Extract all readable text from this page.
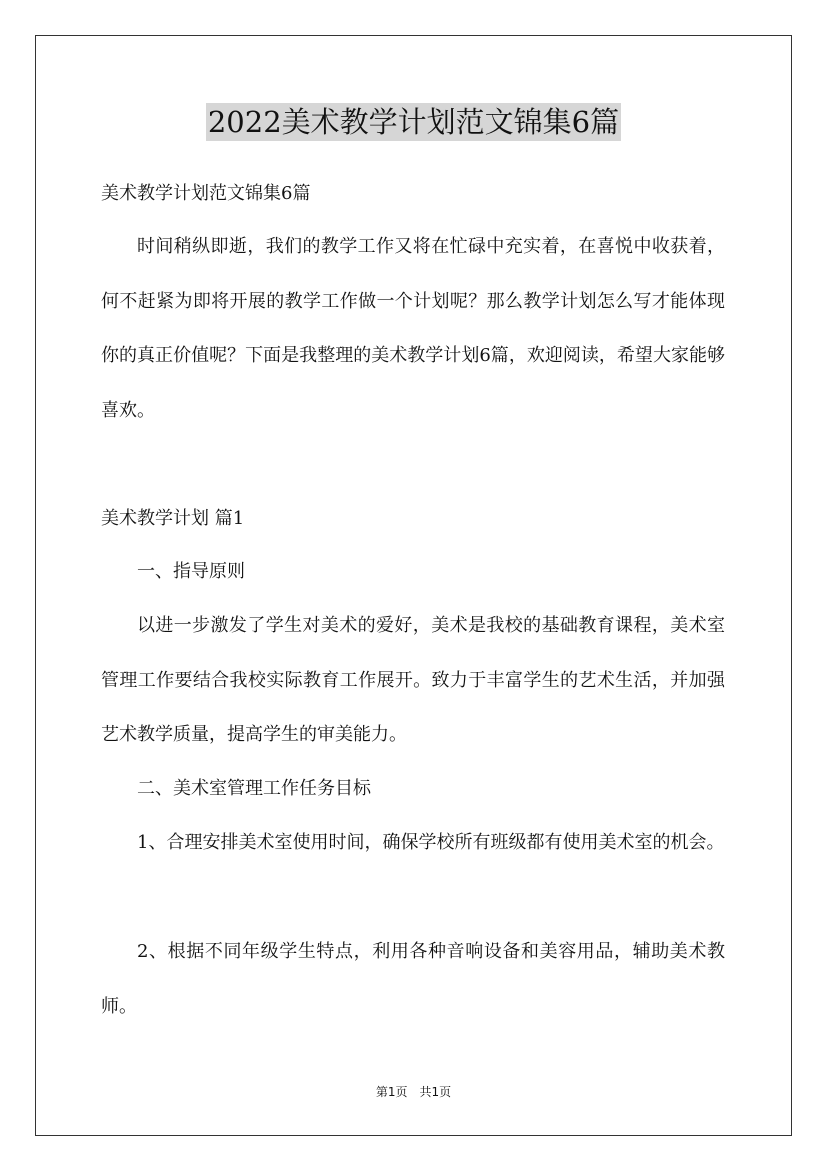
2022美术教学计划范文锦集6篇

美术教学计划范文锦集6篇

时间稍纵即逝，我们的教学工作又将在忙碌中充实着，在喜悦中收获着，何不赶紧为即将开展的教学工作做一个计划呢？那么教学计划怎么写才能体现你的真正价值呢？下面是我整理的美术教学计划6篇，欢迎阅读，希望大家能够喜欢。

美术教学计划 篇1

一、指导原则

以进一步激发了学生对美术的爱好，美术是我校的基础教育课程，美术室管理工作要结合我校实际教育工作展开。致力于丰富学生的艺术生活，并加强艺术教学质量，提高学生的审美能力。

二、美术室管理工作任务目标

1、合理安排美术室使用时间，确保学校所有班级都有使用美术室的机会。

2、根据不同年级学生特点，利用各种音响设备和美容用品，辅助美术教师。

第1页　共1页
